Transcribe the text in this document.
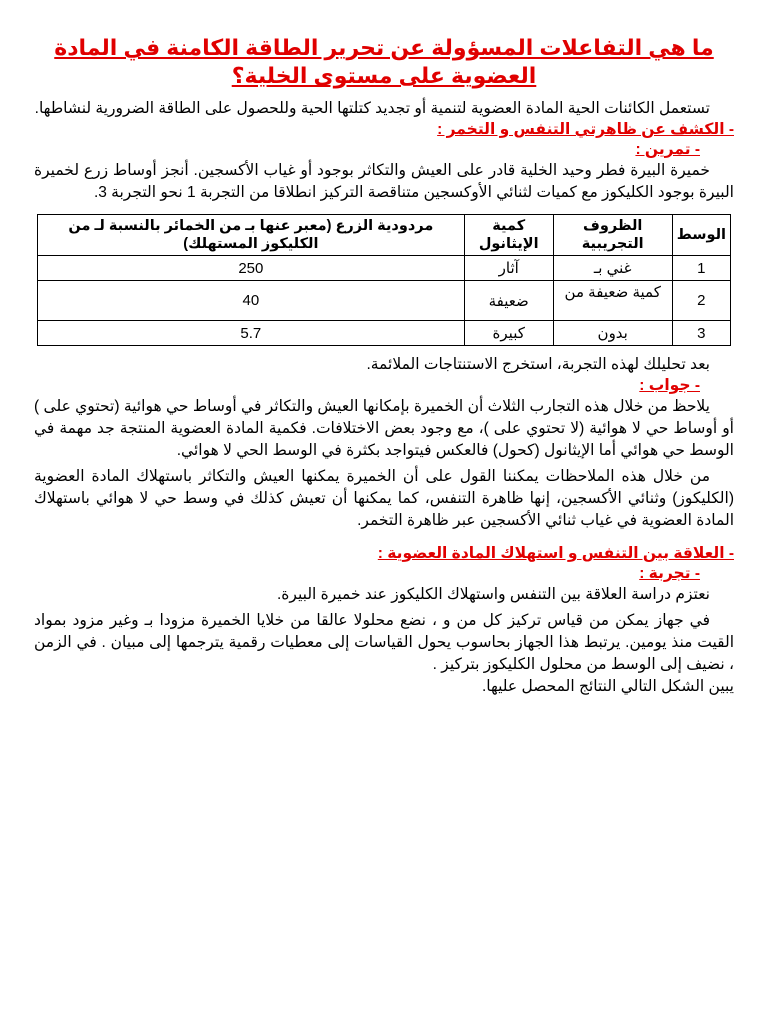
ما هي التفاعلات المسؤولة عن تحرير الطاقة الكامنة في المادة العضوية على مستوى الخلية؟

تستعمل الكائنات الحية المادة العضوية لتنمية أو تجديد كتلتها الحية وللحصول على الطاقة الضرورية لنشاطها.

- الكشف عن ظاهرتي التنفس و التخمر :
- تمرين :

خميرة البيرة فطر وحيد الخلية قادر على العيش والتكاثر بوجود أو غياب الأكسجين. أنجز أوساط زرع لخميرة البيرة بوجود الكليكوز مع كميات لثنائي الأوكسجين متناقصة التركيز انطلاقا من التجربة 1 نحو التجربة 3.

الوسط	الظروف التجريبية	كمية الإيثانول	مردودية الزرع (معبر عنها بـ من الخمائر بالنسبة لـ من الكليكوز المستهلك)
1	غني بـ	آثار	250
2	كمية ضعيفة من	ضعيفة	40
3	بدون	كبيرة	5.7

بعد تحليلك لهذه التجربة، استخرج الاستنتاجات الملائمة.

- جواب :

يلاحظ من خلال هذه التجارب الثلاث أن الخميرة بإمكانها العيش والتكاثر في أوساط حي هوائية (تحتوي على ) أو أوساط حي لا هوائية (لا تحتوي على )، مع وجود بعض الاختلافات. فكمية المادة العضوية المنتجة جد مهمة في الوسط حي هوائي أما الإيثانول (كحول) فالعكس فيتواجد بكثرة في الوسط الحي لا هوائي.

من خلال هذه الملاحظات يمكننا القول على أن الخميرة يمكنها العيش والتكاثر باستهلاك المادة العضوية (الكليكوز) وثنائي الأكسجين، إنها ظاهرة التنفس، كما يمكنها أن تعيش كذلك في وسط حي لا هوائي باستهلاك المادة العضوية في غياب ثنائي الأكسجين عبر ظاهرة التخمر.

- العلاقة بين التنفس و استهلاك المادة العضوية :
- تجربة :

نعتزم دراسة العلاقة بين التنفس واستهلاك الكليكوز عند خميرة البيرة.

في جهاز يمكن من قياس تركيز كل من و ، نضع محلولا عالقا من خلايا الخميرة مزودا بـ وغير مزود بمواد القيت منذ يومين. يرتبط هذا الجهاز بحاسوب يحول القياسات إلى معطيات رقمية يترجمها إلى مبيان . في الزمن ، نضيف إلى الوسط من محلول الكليكوز بتركيز .

يبين الشكل التالي النتائج المحصل عليها.
